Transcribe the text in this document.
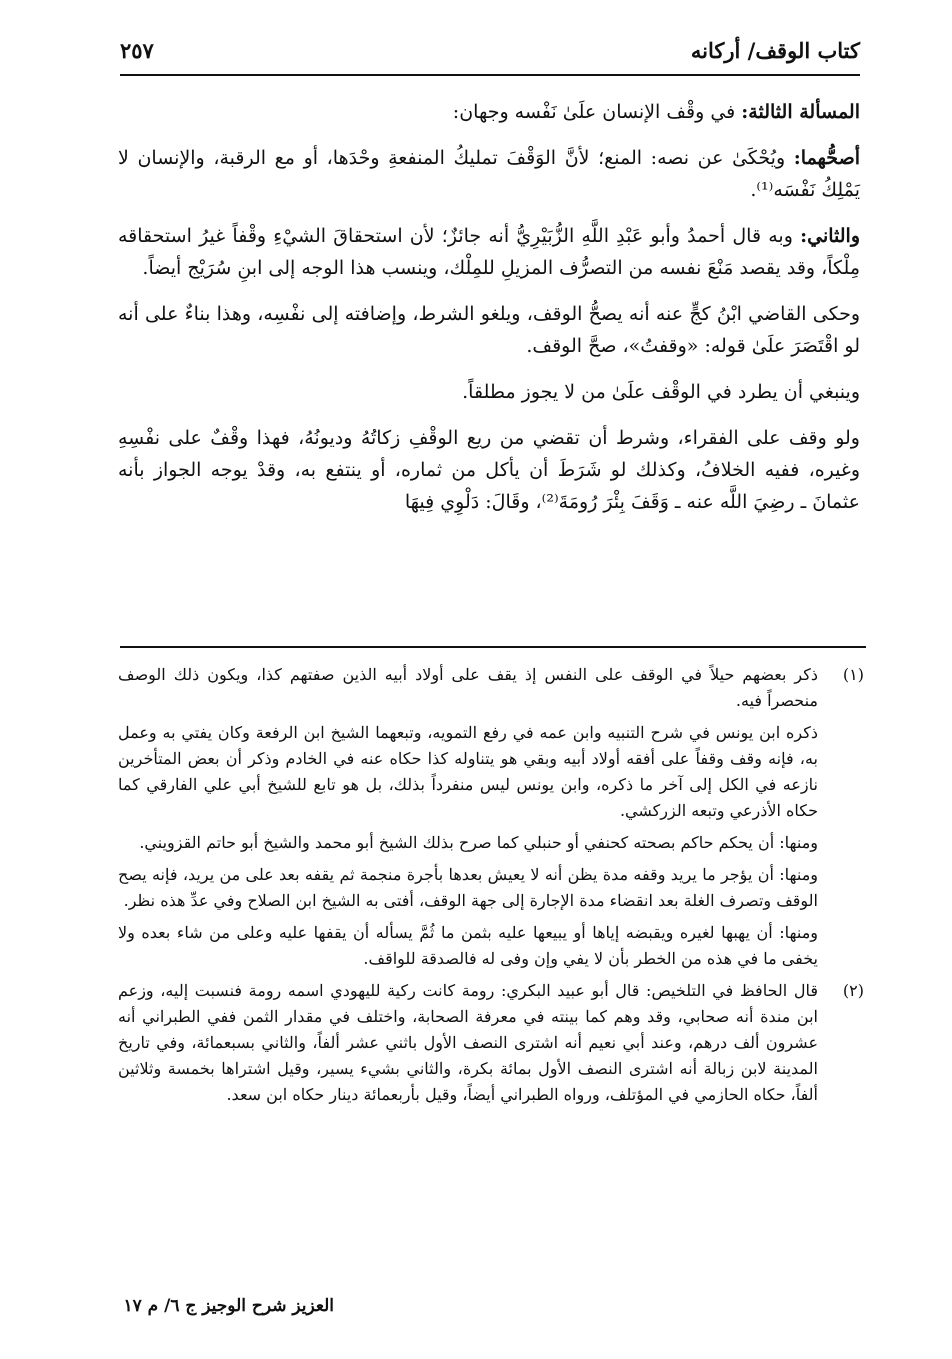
كتاب الوقف/ أركانه
٢٥٧

المسألة الثالثة: في وقْف الإنسان علَىٰ نَفْسه وجهان:

أصحُّهما: ويُحْكَىٰ عن نصه: المنع؛ لأنَّ الوَقْفَ تمليكُ المنفعةِ وحْدَها، أو مع الرقبة، والإنسان لا يَمْلِكُ نَفْسَه⁽¹⁾.

والثاني: وبه قال أحمدُ وأبو عَبْدِ اللَّهِ الزُّبَيْرِيُّ أنه جائزٌ؛ لأن استحقاقَ الشيْءِ وقْفاً غيرُ استحقاقه مِلْكاً، وقد يقصد مَنْعَ نفسه من التصرُّف المزيلِ للمِلْك، وينسب هذا الوجه إلى ابنِ سُرَيْج أيضاً.

وحكى القاضي ابْنُ كجٍّ عنه أنه يصحُّ الوقف، ويلغو الشرط، وإضافته إلى نفْسِه، وهذا بناءٌ على أنه لو اقْتَصَرَ علَىٰ قوله: «وقفتُ»، صحَّ الوقف.

وينبغي أن يطرد في الوقْف علَىٰ من لا يجوز مطلقاً.

ولو وقف على الفقراء، وشرط أن تقضي من ريع الوقْفِ زكاتُهُ وديونُهُ، فهذا وقْفٌ على نفْسِهِ وغيره، ففيه الخلافُ، وكذلك لو شَرَطَ أن يأكل من ثماره، أو ينتفع به، وقدْ يوجه الجواز بأنه عثمانَ ـ رضِيَ اللَّه عنه ـ وَقَفَ بِئْرَ رُومَةَ⁽²⁾، وقَالَ: دَلْوِي فِيهَا

(١)

ذكر بعضهم حيلاً في الوقف على النفس إذ يقف على أولاد أبيه الذين صفتهم كذا، ويكون ذلك الوصف منحصراً فيه.

ذكره ابن يونس في شرح التنبيه وابن عمه في رفع التمويه، وتبعهما الشيخ ابن الرفعة وكان يفتي به وعمل به، فإنه وقف وقفاً على أفقه أولاد أبيه وبقي هو يتناوله كذا حكاه عنه في الخادم وذكر أن بعض المتأخرين نازعه في الكل إلى آخر ما ذكره، وابن يونس ليس منفرداً بذلك، بل هو تابع للشيخ أبي علي الفارقي كما حكاه الأذرعي وتبعه الزركشي.

ومنها: أن يحكم حاكم بصحته كحنفي أو حنبلي كما صرح بذلك الشيخ أبو محمد والشيخ أبو حاتم القزويني.

ومنها: أن يؤجر ما يريد وقفه مدة يظن أنه لا يعيش بعدها بأجرة منجمة ثم يقفه بعد على من يريد، فإنه يصح الوقف وتصرف الغلة بعد انقضاء مدة الإجارة إلى جهة الوقف، أفتى به الشيخ ابن الصلاح وفي عدِّ هذه نظر.

ومنها: أن يهبها لغيره ويقبضه إياها أو يبيعها عليه بثمن ما ثُمَّ يسأله أن يقفها عليه وعلى من شاء بعده ولا يخفى ما في هذه من الخطر بأن لا يفي وإن وفى له فالصدقة للواقف.

(٢)

قال الحافظ في التلخيص: قال أبو عبيد البكري: رومة كانت ركية لليهودي اسمه رومة فنسبت إليه، وزعم ابن مندة أنه صحابي، وقد وهم كما بينته في معرفة الصحابة، واختلف في مقدار الثمن ففي الطبراني أنه عشرون ألف درهم، وعند أبي نعيم أنه اشترى النصف الأول باثني عشر ألفاً، والثاني بسبعمائة، وفي تاريخ المدينة لابن زبالة أنه اشترى النصف الأول بمائة بكرة، والثاني بشيء يسير، وقيل اشتراها بخمسة وثلاثين ألفاً، حكاه الحازمي في المؤتلف، ورواه الطبراني أيضاً، وقيل بأربعمائة دينار حكاه ابن سعد.

العزيز شرح الوجيز ج ٦/ م ١٧
